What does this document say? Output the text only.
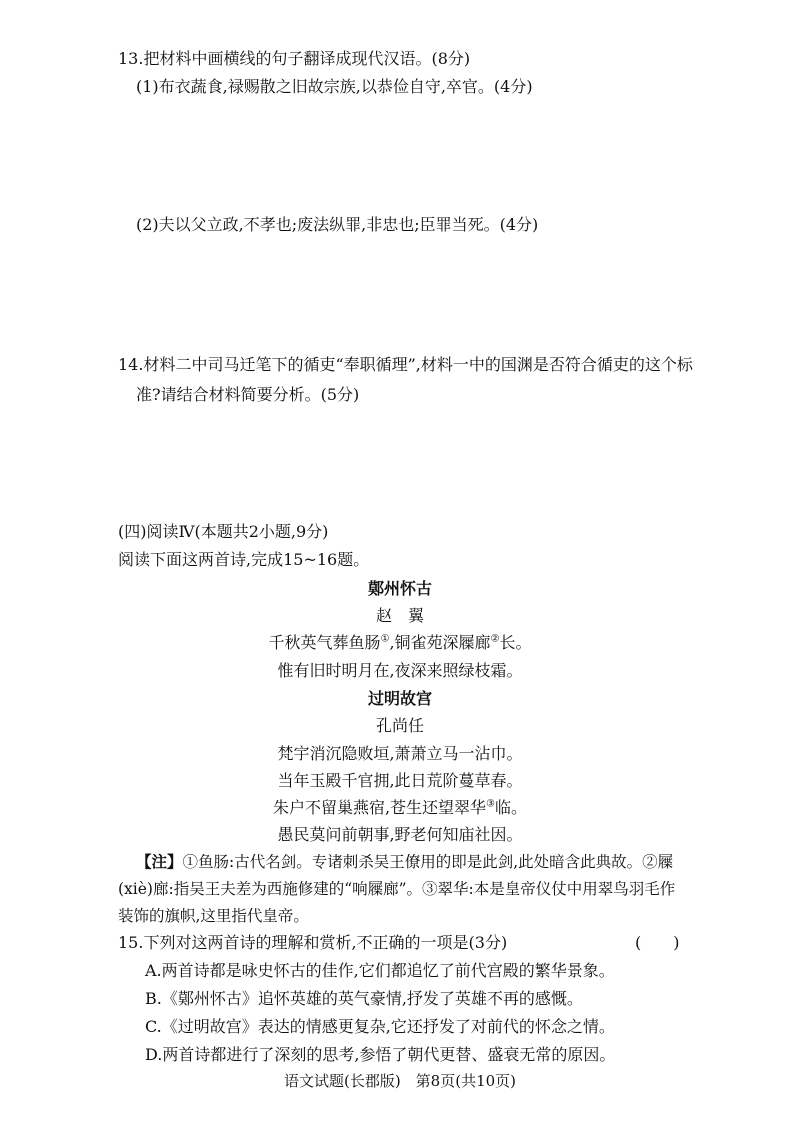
13.把材料中画横线的句子翻译成现代汉语。(8分)
(1)布衣蔬食,禄赐散之旧故宗族,以恭俭自守,卒官。(4分)
(2)夫以父立政,不孝也;废法纵罪,非忠也;臣罪当死。(4分)
14.材料二中司马迁笔下的循吏“奉职循理”,材料一中的国渊是否符合循吏的这个标
准?请结合材料简要分析。(5分)
(四)阅读Ⅳ(本题共2小题,9分)
阅读下面这两首诗,完成15~16题。
鄚州怀古
赵　翼
千秋英气葬鱼肠①,铜雀苑深屧廊②长。
惟有旧时明月在,夜深来照绿枝霜。
过明故宫
孔尚任
梵宇消沉隐败垣,萧萧立马一沾巾。
当年玉殿千官拥,此日荒阶蔓草春。
朱户不留巢燕宿,苍生还望翠华③临。
愚民莫问前朝事,野老何知庙社因。
【注】①鱼肠:古代名剑。专诸刺杀吴王僚用的即是此剑,此处暗含此典故。②屧
(xiè)廊:指吴王夫差为西施修建的“响屧廊”。③翠华:本是皇帝仪仗中用翠鸟羽毛作
装饰的旗帜,这里指代皇帝。
15.下列对这两首诗的理解和赏析,不正确的一项是(3分)	(　　)
A.两首诗都是咏史怀古的佳作,它们都追忆了前代宫殿的繁华景象。
B.《鄚州怀古》追怀英雄的英气豪情,抒发了英雄不再的感慨。
C.《过明故宫》表达的情感更复杂,它还抒发了对前代的怀念之情。
D.两首诗都进行了深刻的思考,参悟了朝代更替、盛衰无常的原因。
语文试题(长郡版)　第8页(共10页)
